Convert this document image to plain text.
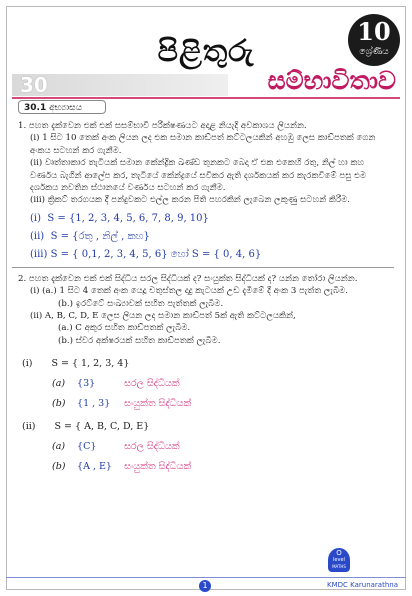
පිළිතුරු
10
ශ්‍රේණිය
30	සම්භාවිතාව
30.1 අභ්‍යාසය
1. පහත දැක්වෙන එක් එක් සසම්භාවී පරීක්ෂණයට අදාළ නියැදි අවකාශය ලියන්න.
(i) 1 සිට 10 තෙක් අංක ලියන ලද එක සමාන කාඩ්පත් කට්ටලයකින් අහඹු ලෙස කාඩ්පතක් ගෙන අංකය සටහන් කර ගැනීම.
(ii) වෘත්තාකාර තැටියක් සමාන කේන්ද්‍රික ඛණ්ඩ තුනකට බෙදා ඒ එක එකෙහි රතු, නිල් හා කහ වර්ණය බැගින් ආලේප කර, තැටියේ කේන්ද්‍රයේ සවිකර ඇති දර්ශකයක් කර කැරකවීමේ පසු එම දර්ශකය නවතින ස්ථානයේ වර්ණය සටහන් කර ගැනීම.
(iii) ක්‍රිකට් තරගයක දී පන්දුවකට එල්ල කරන පිති පහරකින් ලැබෙන ලකුණු සටහන් කිරීම.
(i) S = {1, 2, 3, 4, 5, 6, 7, 8, 9, 10}
(ii) S = {රතු , නිල් , කහ}
(iii) S = { 0,1, 2, 3, 4, 5, 6} හෝ S = { 0, 4, 6}
2. පහත දැක්වෙන එක් එක් සිද්ධිය සරල සිද්ධියක් ද? සංයුක්ත සිද්ධියක් ද? යන්න තෝරා ලියන්න.
(i) (a.) 1 සිට 4 තෙක් අංක යෙදූ චතුස්තල දාදු කැටයක් උඩ දැමීමේ දී අංක 3 පැත්ත ලැබීම.
(b.) ඉරට්ටේ සංඛ්‍යාවක් සහිත පැත්තක් ලැබීම.
(ii) A, B, C, D, E ලෙස ලියන ලද සමාන කාඩ්පත් 5ක් ඇති කට්ටලයකින්,
(a.) C අකුර සහිත කාඩ්පතක් ලැබීම.
(b.) ස්වර අක්ෂරයක් සහිත කාඩ්පතක් ලැබීම.
(i) S = { 1, 2, 3, 4}
(a) {3}	සරල සිද්ධියක්
(b) {1 , 3} සංයුක්ත සිද්ධියක්
(ii) S = { A, B, C, D, E}
(a) {C}	සරල සිද්ධියක්
(b) {A , E} සංයුක්ත සිද්ධියක්
O
level
MATHS
1	KMDC Karunarathna
